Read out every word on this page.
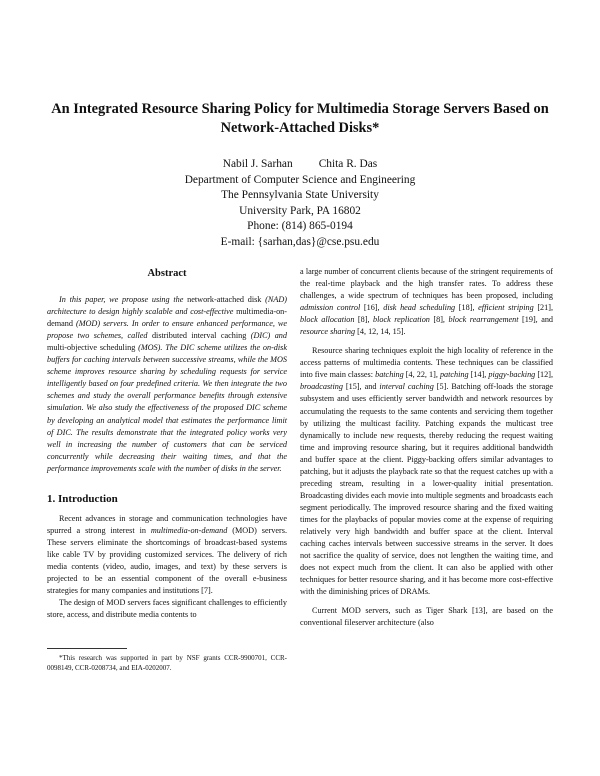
An Integrated Resource Sharing Policy for Multimedia Storage Servers Based on Network-Attached Disks*
Nabil J. Sarhan Chita R. Das
Department of Computer Science and Engineering
The Pennsylvania State University
University Park, PA 16802
Phone: (814) 865-0194
E-mail: {sarhan,das}@cse.psu.edu
Abstract

In this paper, we propose using the network-attached disk (NAD) architecture to design highly scalable and cost-effective multimedia-on-demand (MOD) servers. In order to ensure enhanced performance, we propose two schemes, called distributed interval caching (DIC) and multi-objective scheduling (MOS). The DIC scheme utilizes the on-disk buffers for caching intervals between successive streams, while the MOS scheme improves resource sharing by scheduling requests for service intelligently based on four predefined criteria. We then integrate the two schemes and study the overall performance benefits through extensive simulation. We also study the effectiveness of the proposed DIC scheme by developing an analytical model that estimates the performance limit of DIC. The results demonstrate that the integrated policy works very well in increasing the number of customers that can be serviced concurrently while decreasing their waiting times, and that the performance improvements scale with the number of disks in the server.

1. Introduction

Recent advances in storage and communication technologies have spurred a strong interest in multimedia-on-demand (MOD) servers. These servers eliminate the shortcomings of broadcast-based systems like cable TV by providing customized services. The delivery of rich media contents (video, audio, images, and text) by these servers is projected to be an essential component of the overall e-business strategies for many companies and institutions [7].

The design of MOD servers faces significant challenges to efficiently store, access, and distribute media contents to

*This research was supported in part by NSF grants CCR-9900701, CCR-0098149, CCR-0208734, and EIA-0202007.

a large number of concurrent clients because of the stringent requirements of the real-time playback and the high transfer rates. To address these challenges, a wide spectrum of techniques has been proposed, including admission control [16], disk head scheduling [18], efficient striping [21], block allocation [8], block replication [8], block rearrangement [19], and resource sharing [4, 12, 14, 15].

Resource sharing techniques exploit the high locality of reference in the access patterns of multimedia contents. These techniques can be classified into five main classes: batching [4, 22, 1], patching [14], piggy-backing [12], broadcasting [15], and interval caching [5]. Batching off-loads the storage subsystem and uses efficiently server bandwidth and network resources by accumulating the requests to the same contents and servicing them together by utilizing the multicast facility. Patching expands the multicast tree dynamically to include new requests, thereby reducing the request waiting time and improving resource sharing, but it requires additional bandwidth and buffer space at the client. Piggy-backing offers similar advantages to patching, but it adjusts the playback rate so that the request catches up with a preceding stream, resulting in a lower-quality initial presentation. Broadcasting divides each movie into multiple segments and broadcasts each segment periodically. The improved resource sharing and the fixed waiting times for the playbacks of popular movies come at the expense of requiring relatively very high bandwidth and buffer space at the client. Interval caching caches intervals between successive streams in the server. It does not sacrifice the quality of service, does not lengthen the waiting time, and does not expect much from the client. It can also be applied with other techniques for better resource sharing, and it has become more cost-effective with the diminishing prices of DRAMs.

Current MOD servers, such as Tiger Shark [13], are based on the conventional fileserver architecture (also
